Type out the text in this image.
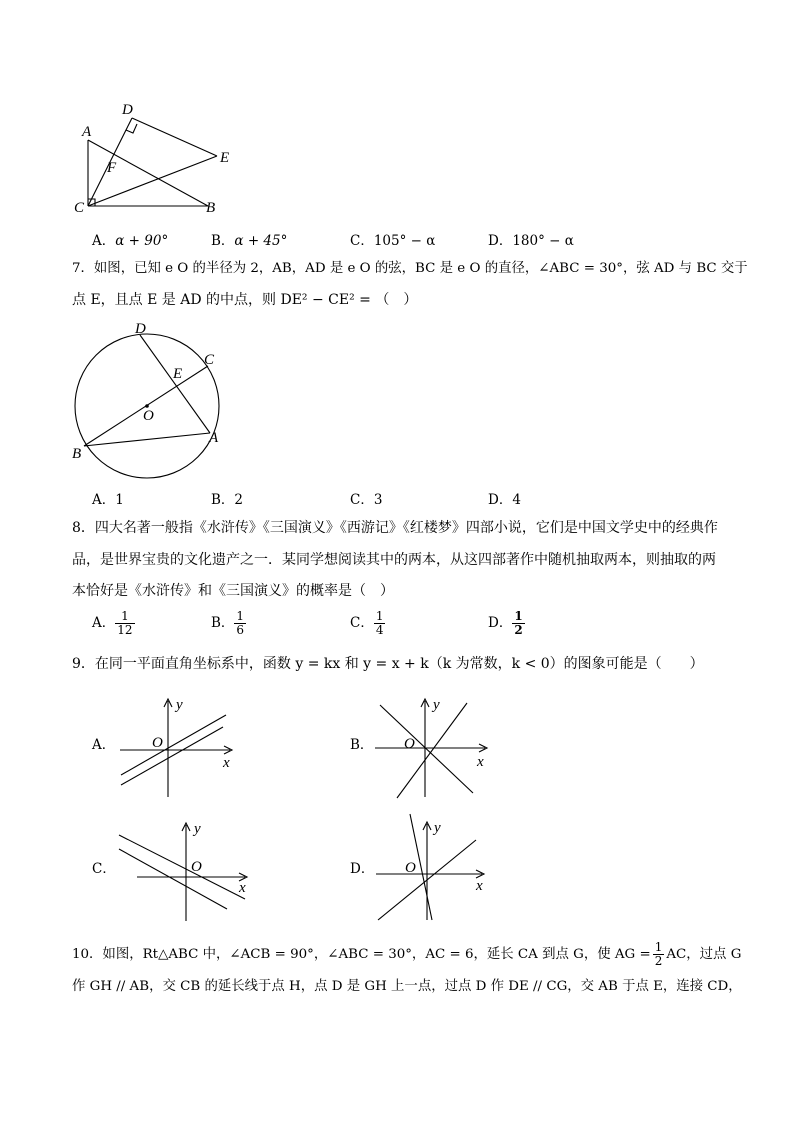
D
A
F
E
C	B
A．α + 90°	B．α + 45°	C．105° − α	D．180° − α
7．如图，已知 e O 的半径为 2，AB，AD 是 e O 的弦，BC 是 e O 的直径，∠ABC = 30°，弦 AD 与 BC 交于
点 E，且点 E 是 AD 的中点，则 DE² − CE² = （　）
D
C
E
O
A
B
A．1	B．2	C．3	D．4
8．四大名著一般指《水浒传》《三国演义》《西游记》《红楼梦》四部小说，它们是中国文学史中的经典作
品，是世界宝贵的文化遗产之一．某同学想阅读其中的两本，从这四部著作中随机抽取两本，则抽取的两
本恰好是《水浒传》和《三国演义》的概率是（　）
A． $\frac{1}{12}$	B． $\frac{1}{6}$	C． $\frac{1}{4}$	D． $\frac{1}{2}$
9．在同一平面直角坐标系中，函数 y = kx 和 y = x + k（k 为常数，k < 0）的图象可能是（　　）
A．
y
O
x
B．
y
O
x
C．
y
O
x
D．
y
O
x
10．如图，Rt△ABC 中，∠ACB = 90°，∠ABC = 30°，AC = 6，延长 CA 到点 G，使 AG = $\frac{1}{2}$ AC，过点 G
作 GH // AB，交 CB 的延长线于点 H，点 D 是 GH 上一点，过点 D 作 DE // CG，交 AB 于点 E，连接 CD，
